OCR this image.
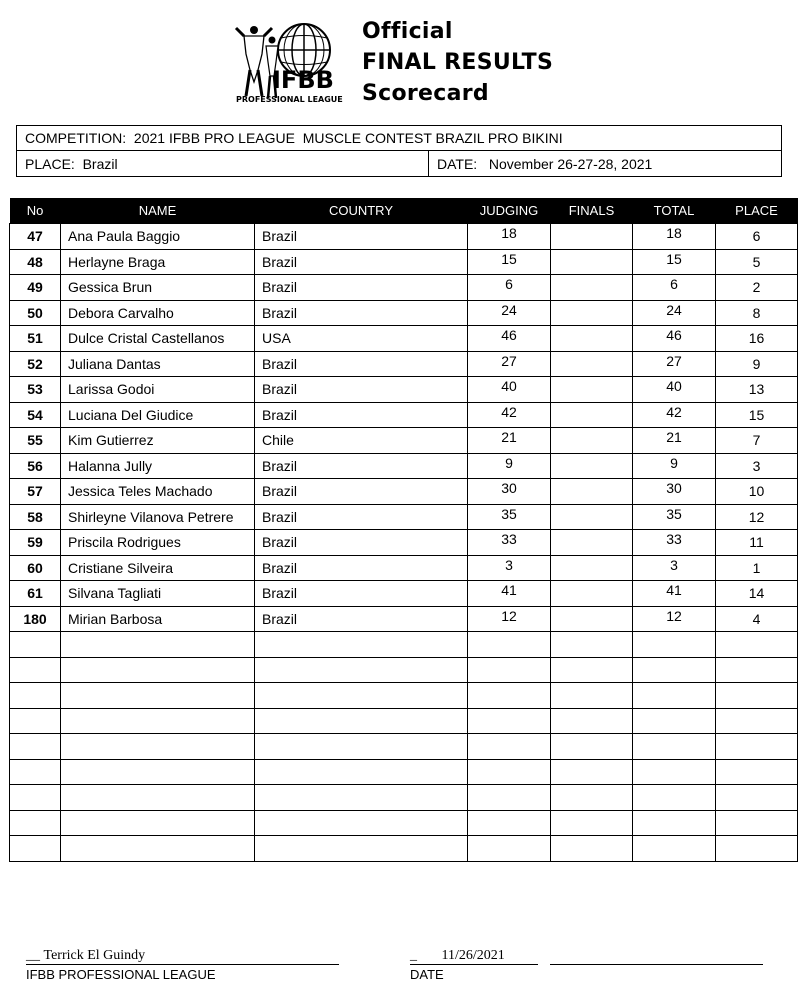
IFBB
PROFESSIONAL LEAGUE
Official
FINAL RESULTS
Scorecard
COMPETITION:
2021 IFBB PRO LEAGUE  MUSCLE CONTEST BRAZIL PRO BIKINI
PLACE:
Brazil	DATE:
November 26-27-28, 2021
No	NAME	COUNTRY	JUDGING	FINALS	TOTAL	PLACE
47	Ana Paula Baggio	Brazil	18		18	6
48	Herlayne Braga	Brazil	15		15	5
49	Gessica Brun	Brazil	6		6	2
50	Debora Carvalho	Brazil	24		24	8
51	Dulce Cristal Castellanos	USA	46		46	16
52	Juliana Dantas	Brazil	27		27	9
53	Larissa Godoi	Brazil	40		40	13
54	Luciana Del Giudice	Brazil	42		42	15
55	Kim Gutierrez	Chile	21		21	7
56	Halanna Jully	Brazil	9		9	3
57	Jessica Teles Machado	Brazil	30		30	10
58	Shirleyne Vilanova Petrere	Brazil	35		35	12
59	Priscila Rodrigues	Brazil	33		33	11
60	Cristiane Silveira	Brazil	3		3	1
61	Silvana Tagliati	Brazil	41		41	14
180	Mirian Barbosa	Brazil	12		12	4

__ Terrick El Guindy
IFBB PROFESSIONAL LEAGUE
_ 11/26/2021
DATE
